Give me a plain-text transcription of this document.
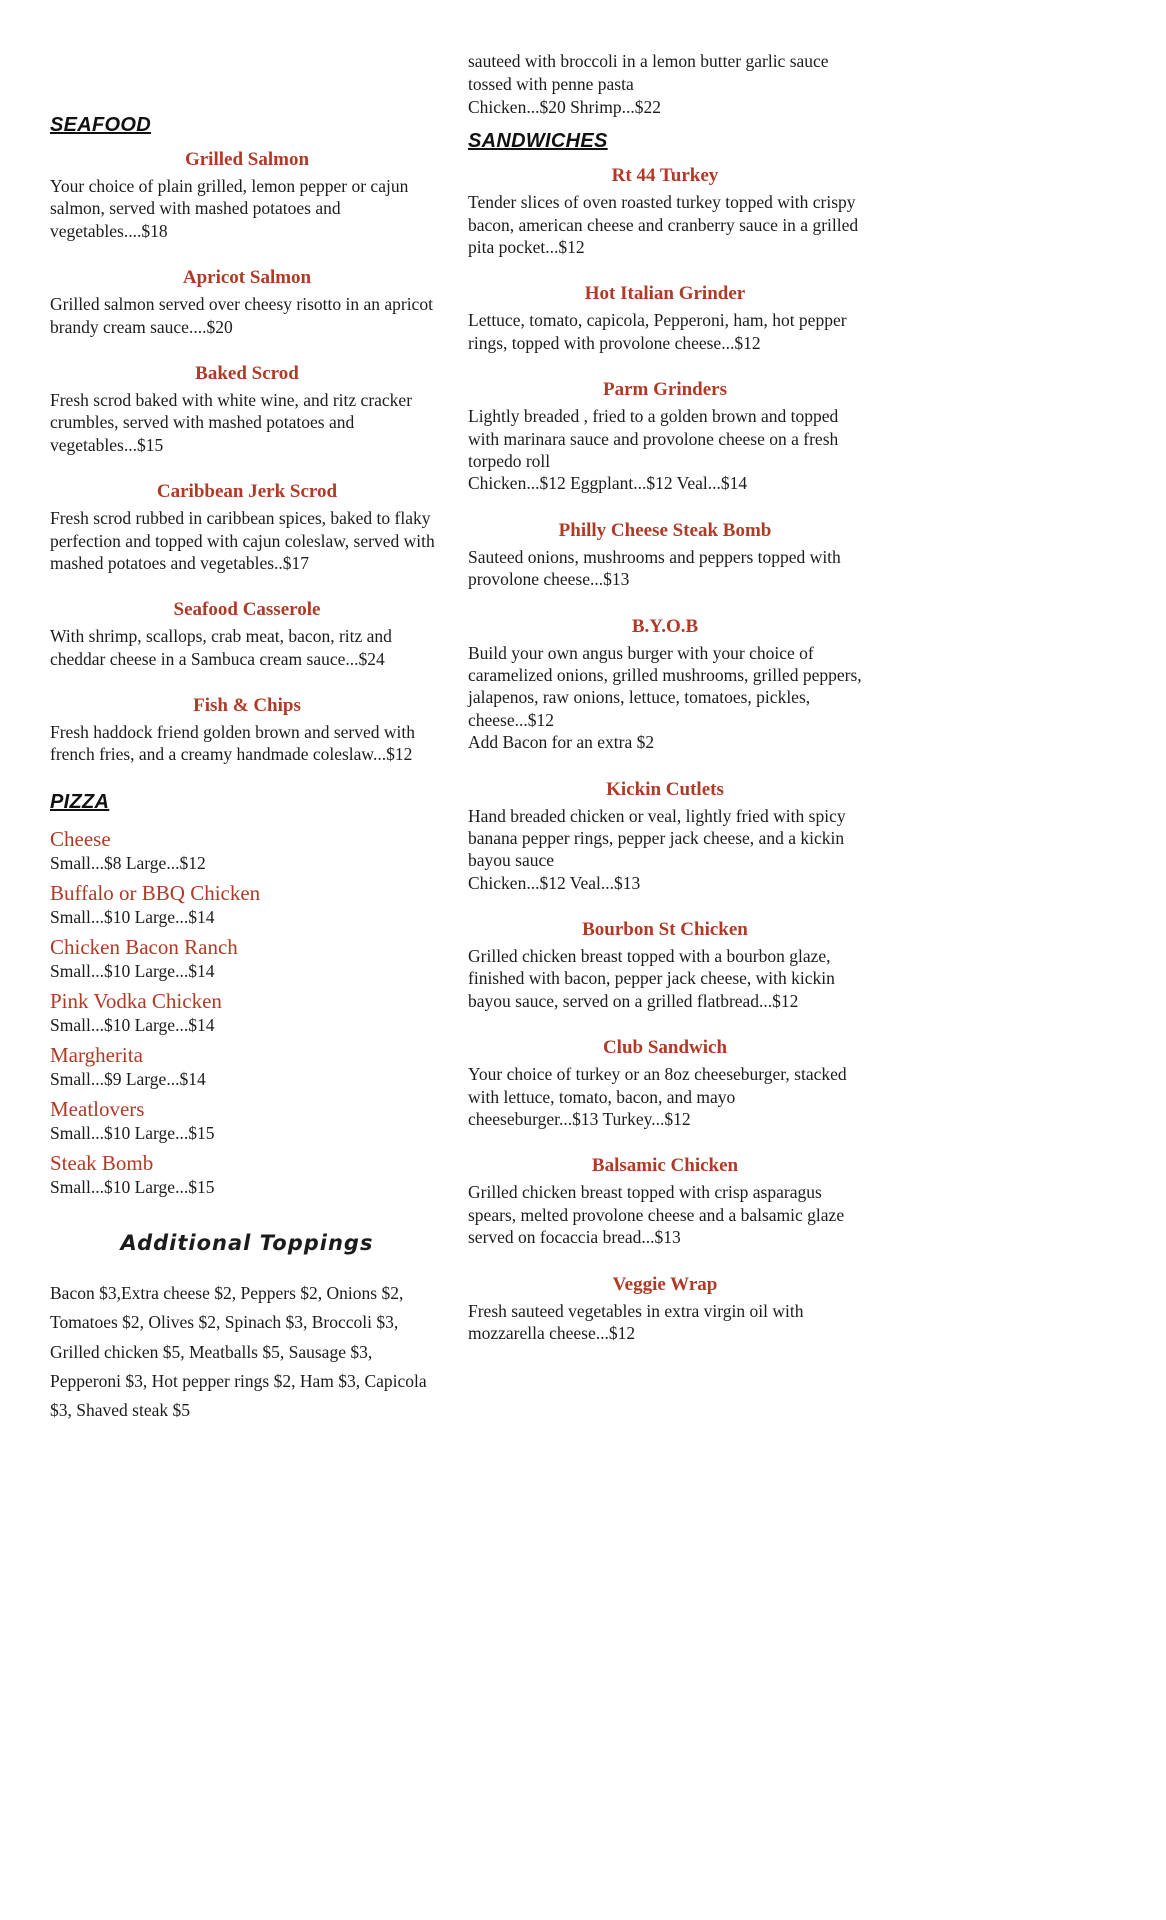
SEAFOOD
Grilled Salmon
Your choice of plain grilled, lemon pepper or cajun salmon, served with mashed potatoes and vegetables....$18
Apricot Salmon
Grilled salmon served over cheesy risotto in an apricot brandy cream sauce....$20
Baked Scrod
Fresh scrod baked with white wine, and ritz cracker crumbles, served with mashed potatoes and vegetables...$15
Caribbean Jerk Scrod
Fresh scrod rubbed in caribbean spices, baked to flaky perfection and topped with cajun coleslaw, served with mashed potatoes and vegetables..$17
Seafood Casserole
With shrimp, scallops, crab meat, bacon, ritz and cheddar cheese in a Sambuca cream sauce...$24
Fish & Chips
Fresh haddock friend golden brown and served with french fries, and a creamy handmade coleslaw...$12
PIZZA
Cheese
Small...$8 Large...$12
Buffalo or BBQ Chicken
Small...$10 Large...$14
Chicken Bacon Ranch
Small...$10 Large...$14
Pink Vodka Chicken
Small...$10 Large...$14
Margherita
Small...$9 Large...$14
Meatlovers
Small...$10 Large...$15
Steak Bomb
Small...$10 Large...$15
Additional Toppings
Bacon $3,Extra cheese $2, Peppers $2, Onions $2, Tomatoes $2, Olives $2, Spinach $3, Broccoli $3, Grilled chicken $5, Meatballs $5, Sausage $3, Pepperoni $3, Hot pepper rings $2, Ham $3, Capicola $3, Shaved steak $5
sauteed with broccoli in a lemon butter garlic sauce tossed with penne pasta
Chicken...$20 Shrimp...$22
SANDWICHES
Rt 44 Turkey
Tender slices of oven roasted turkey topped with crispy bacon, american cheese and cranberry sauce in a grilled pita pocket...$12
Hot Italian Grinder
Lettuce, tomato, capicola, Pepperoni, ham, hot pepper rings, topped with provolone cheese...$12
Parm Grinders
Lightly breaded , fried to a golden brown and topped with marinara sauce and provolone cheese on a fresh torpedo roll
Chicken...$12 Eggplant...$12 Veal...$14
Philly Cheese Steak Bomb
Sauteed onions, mushrooms and peppers topped with provolone cheese...$13
B.Y.O.B
Build your own angus burger with your choice of caramelized onions, grilled mushrooms, grilled peppers, jalapenos, raw onions, lettuce, tomatoes, pickles, cheese...$12
Add Bacon for an extra $2
Kickin Cutlets
Hand breaded chicken or veal, lightly fried with spicy banana pepper rings, pepper jack cheese, and a kickin bayou sauce
Chicken...$12 Veal...$13
Bourbon St Chicken
Grilled chicken breast topped with a bourbon glaze, finished with bacon, pepper jack cheese, with kickin bayou sauce, served on a grilled flatbread...$12
Club Sandwich
Your choice of turkey or an 8oz cheeseburger, stacked with lettuce, tomato, bacon, and mayo
cheeseburger...$13 Turkey...$12
Balsamic Chicken
Grilled chicken breast topped with crisp asparagus spears, melted provolone cheese and a balsamic glaze served on focaccia bread...$13
Veggie Wrap
Fresh sauteed vegetables in extra virgin oil with mozzarella cheese...$12
